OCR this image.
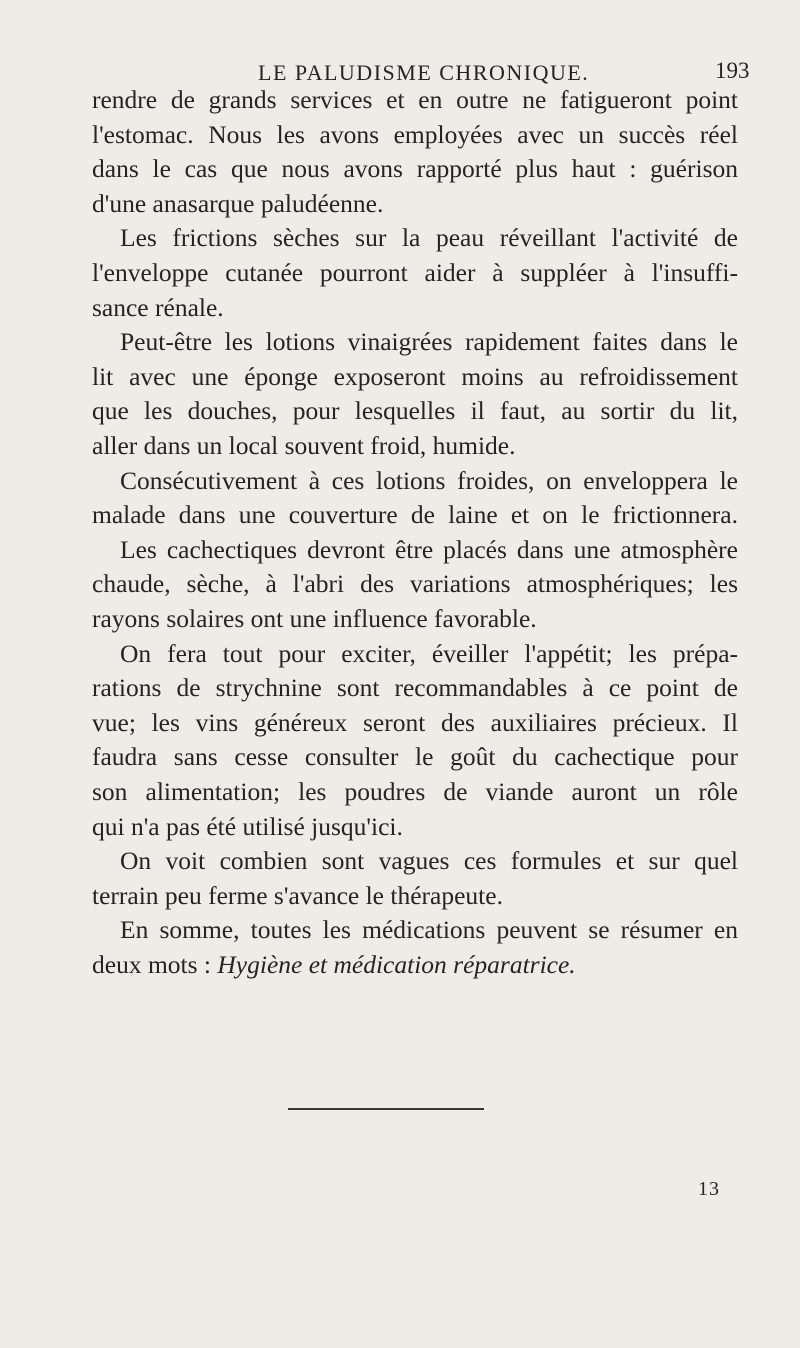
LE PALUDISME CHRONIQUE.	193
rendre de grands services et en outre ne fatigueront point
l'estomac. Nous les avons employées avec un succès réel
dans le cas que nous avons rapporté plus haut : guérison
d'une anasarque paludéenne.
Les frictions sèches sur la peau réveillant l'activité de
l'enveloppe cutanée pourront aider à suppléer à l'insuffi-
sance rénale.
Peut-être les lotions vinaigrées rapidement faites dans le
lit avec une éponge exposeront moins au refroidissement
que les douches, pour lesquelles il faut, au sortir du lit,
aller dans un local souvent froid, humide.
Consécutivement à ces lotions froides, on enveloppera le
malade dans une couverture de laine et on le frictionnera.
Les cachectiques devront être placés dans une atmosphère
chaude, sèche, à l'abri des variations atmosphériques; les
rayons solaires ont une influence favorable.
On fera tout pour exciter, éveiller l'appétit; les prépa-
rations de strychnine sont recommandables à ce point de
vue; les vins généreux seront des auxiliaires précieux. Il
faudra sans cesse consulter le goût du cachectique pour
son alimentation; les poudres de viande auront un rôle
qui n'a pas été utilisé jusqu'ici.
On voit combien sont vagues ces formules et sur quel
terrain peu ferme s'avance le thérapeute.
En somme, toutes les médications peuvent se résumer en
deux mots : Hygiène et médication réparatrice.
13
